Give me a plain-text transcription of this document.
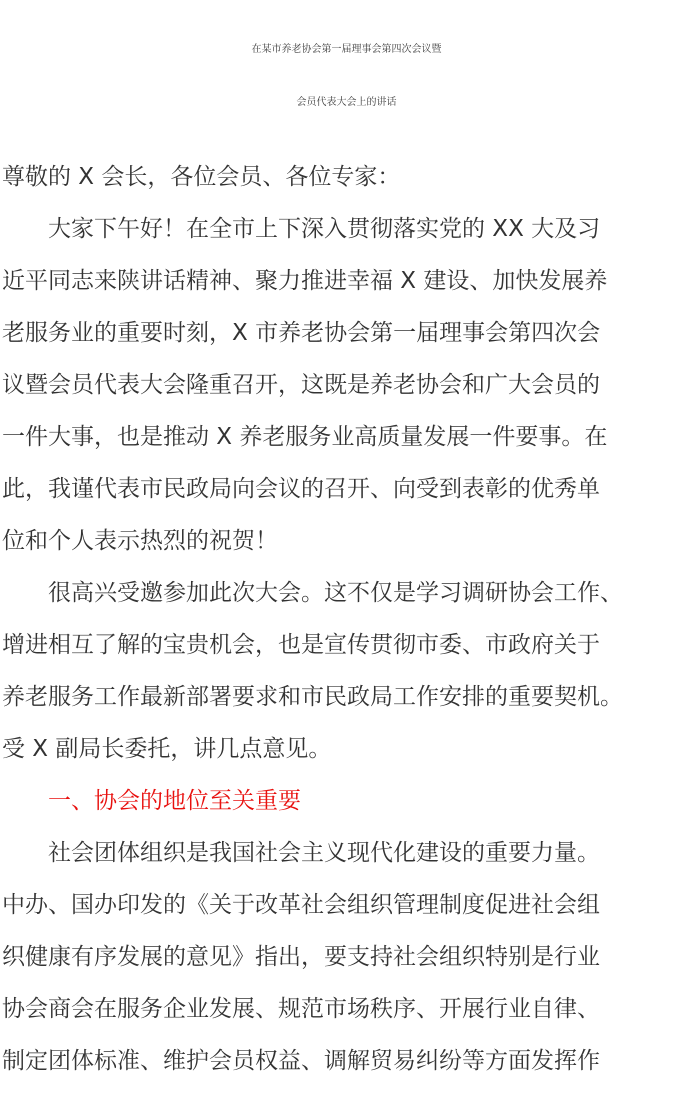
在某市养老协会第一届理事会第四次会议暨
会员代表大会上的讲话
尊敬的 X 会长，各位会员、各位专家：
　　大家下午好！在全市上下深入贯彻落实党的 XX 大及习
近平同志来陕讲话精神、聚力推进幸福 X 建设、加快发展养
老服务业的重要时刻，X 市养老协会第一届理事会第四次会
议暨会员代表大会隆重召开，这既是养老协会和广大会员的
一件大事，也是推动 X 养老服务业高质量发展一件要事。在
此，我谨代表市民政局向会议的召开、向受到表彰的优秀单
位和个人表示热烈的祝贺！
　　很高兴受邀参加此次大会。这不仅是学习调研协会工作、
增进相互了解的宝贵机会，也是宣传贯彻市委、市政府关于
养老服务工作最新部署要求和市民政局工作安排的重要契机。
受 X 副局长委托，讲几点意见。
　　一、协会的地位至关重要
　　社会团体组织是我国社会主义现代化建设的重要力量。
中办、国办印发的《关于改革社会组织管理制度促进社会组
织健康有序发展的意见》指出，要支持社会组织特别是行业
协会商会在服务企业发展、规范市场秩序、开展行业自律、
制定团体标准、维护会员权益、调解贸易纠纷等方面发挥作
